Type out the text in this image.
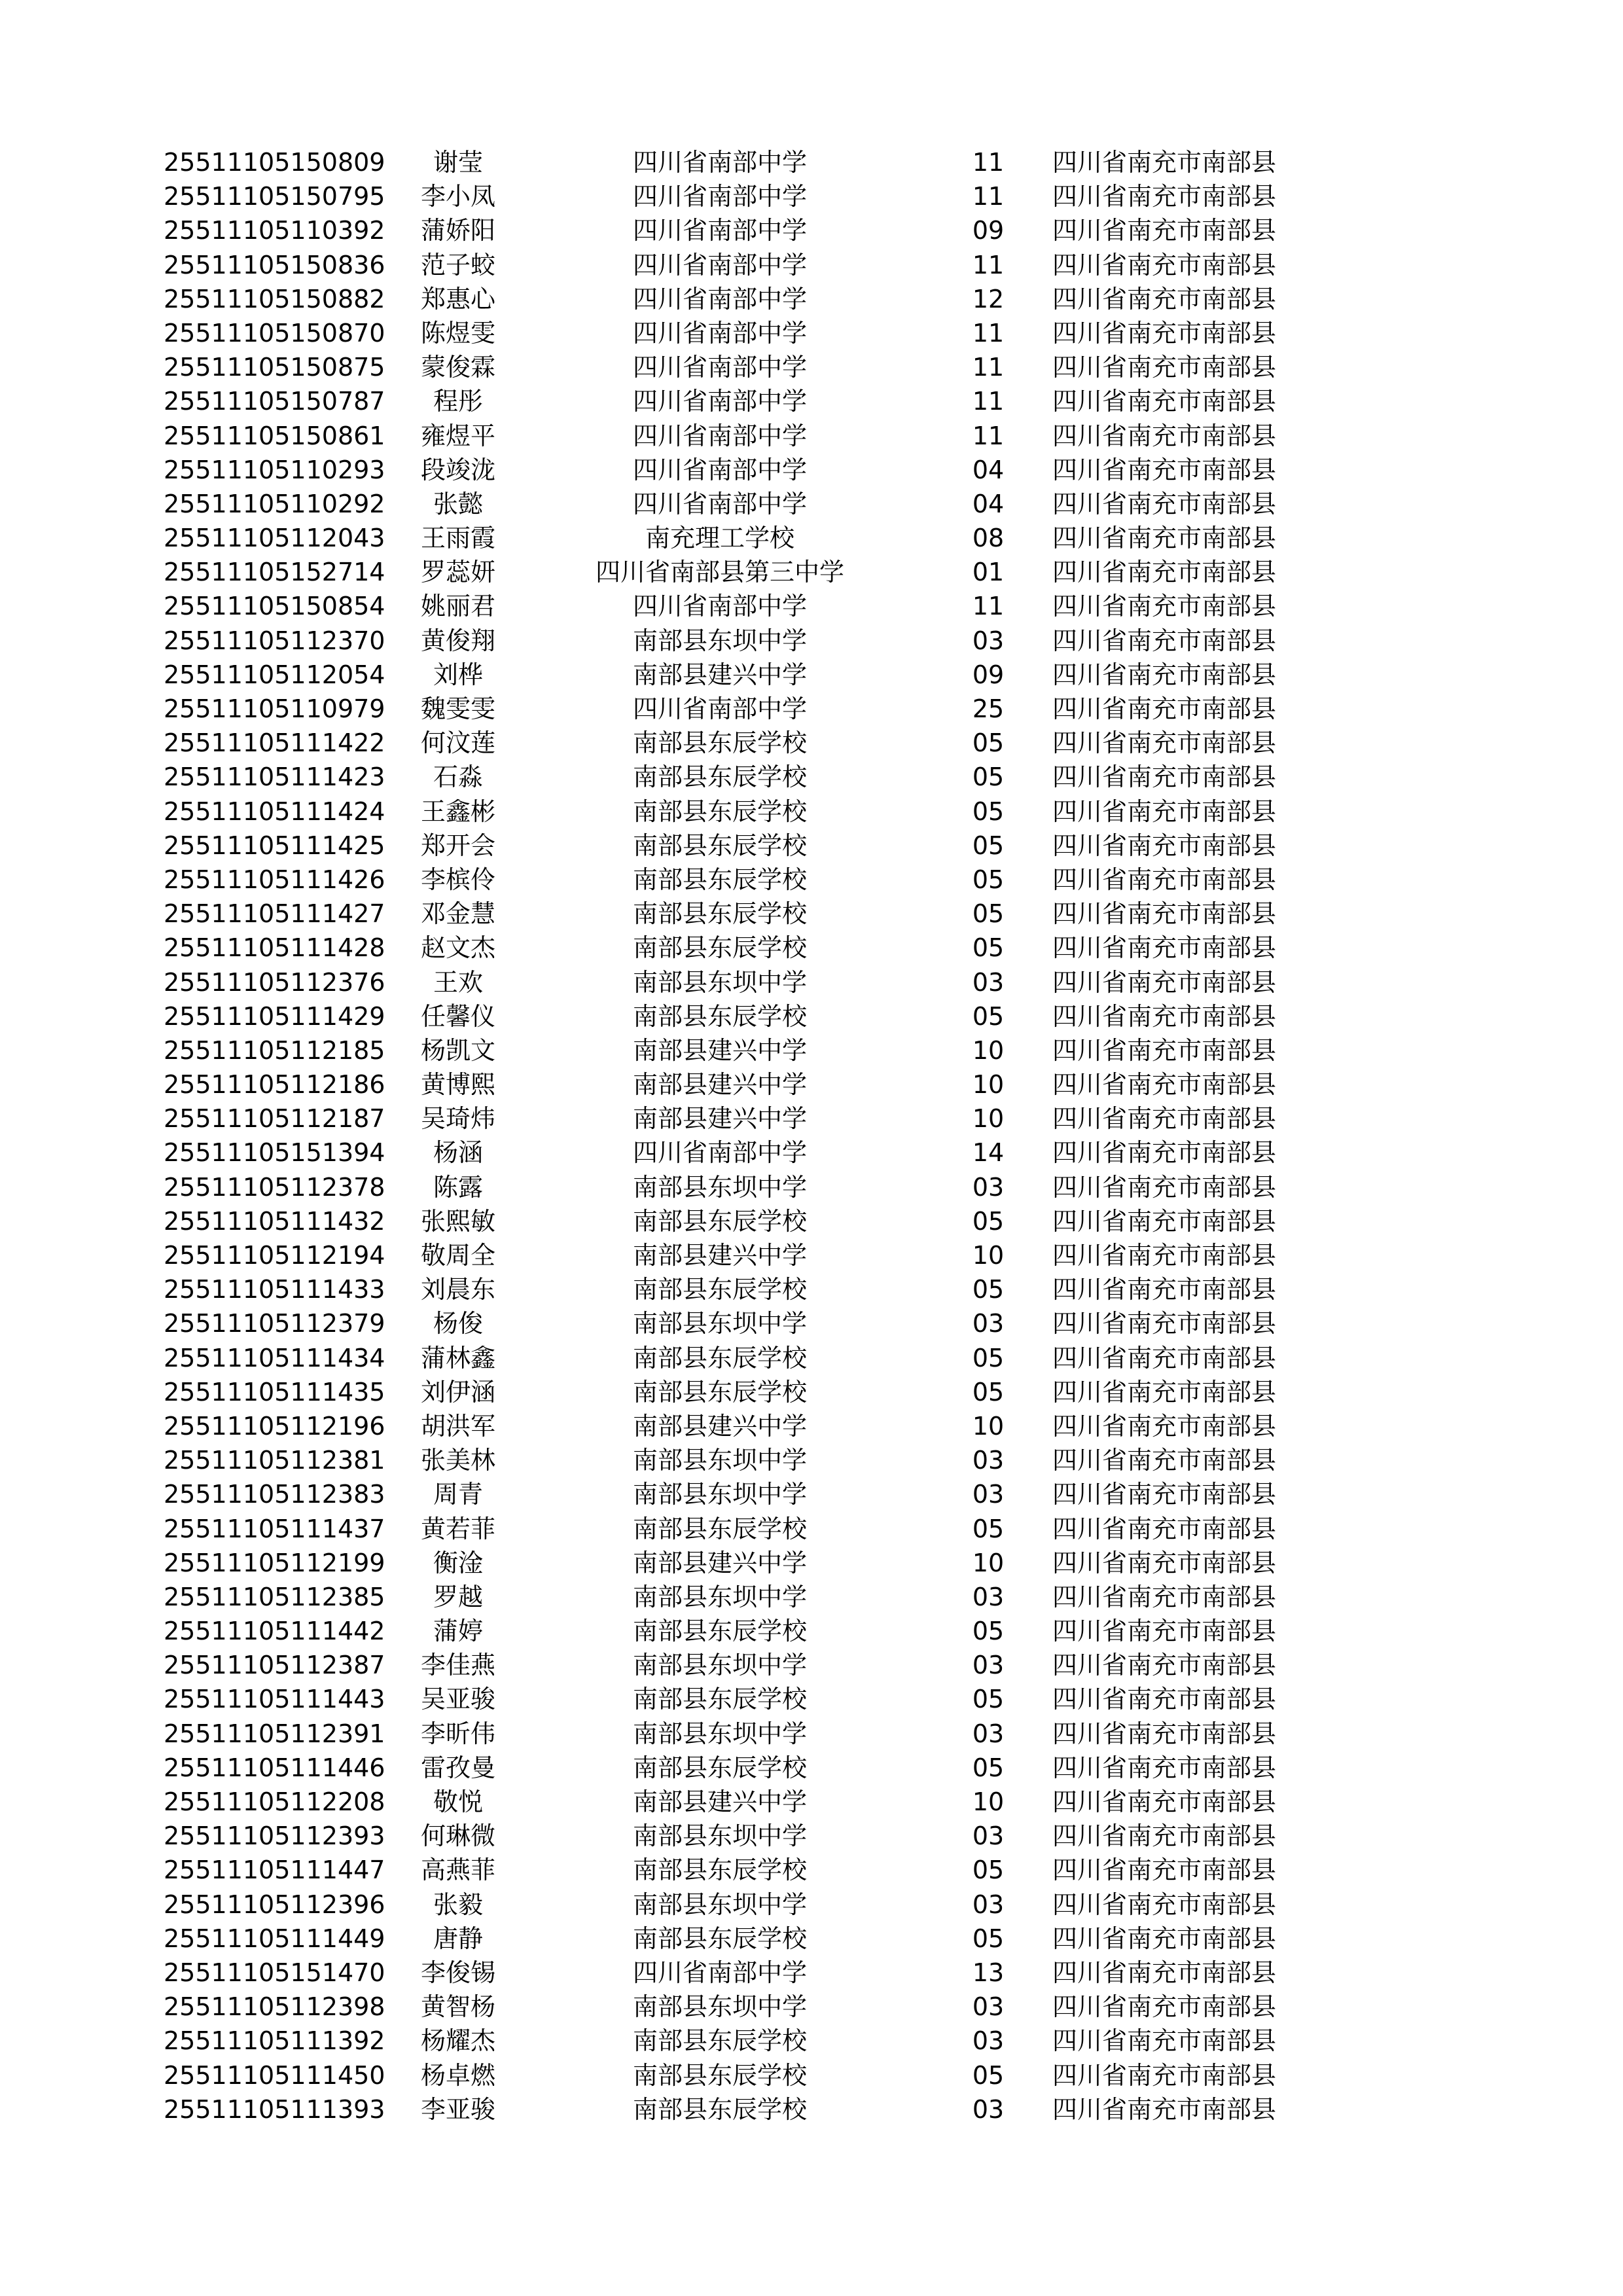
25511105150809	谢莹	四川省南部中学	11	四川省南充市南部县
25511105150795	李小凤	四川省南部中学	11	四川省南充市南部县
25511105110392	蒲娇阳	四川省南部中学	09	四川省南充市南部县
25511105150836	范子蛟	四川省南部中学	11	四川省南充市南部县
25511105150882	郑惠心	四川省南部中学	12	四川省南充市南部县
25511105150870	陈煜雯	四川省南部中学	11	四川省南充市南部县
25511105150875	蒙俊霖	四川省南部中学	11	四川省南充市南部县
25511105150787	程彤	四川省南部中学	11	四川省南充市南部县
25511105150861	雍煜平	四川省南部中学	11	四川省南充市南部县
25511105110293	段竣泷	四川省南部中学	04	四川省南充市南部县
25511105110292	张懿	四川省南部中学	04	四川省南充市南部县
25511105112043	王雨霞	南充理工学校	08	四川省南充市南部县
25511105152714	罗蕊妍	四川省南部县第三中学	01	四川省南充市南部县
25511105150854	姚丽君	四川省南部中学	11	四川省南充市南部县
25511105112370	黄俊翔	南部县东坝中学	03	四川省南充市南部县
25511105112054	刘桦	南部县建兴中学	09	四川省南充市南部县
25511105110979	魏雯雯	四川省南部中学	25	四川省南充市南部县
25511105111422	何汶莲	南部县东辰学校	05	四川省南充市南部县
25511105111423	石淼	南部县东辰学校	05	四川省南充市南部县
25511105111424	王鑫彬	南部县东辰学校	05	四川省南充市南部县
25511105111425	郑开会	南部县东辰学校	05	四川省南充市南部县
25511105111426	李槟伶	南部县东辰学校	05	四川省南充市南部县
25511105111427	邓金慧	南部县东辰学校	05	四川省南充市南部县
25511105111428	赵文杰	南部县东辰学校	05	四川省南充市南部县
25511105112376	王欢	南部县东坝中学	03	四川省南充市南部县
25511105111429	任馨仪	南部县东辰学校	05	四川省南充市南部县
25511105112185	杨凯文	南部县建兴中学	10	四川省南充市南部县
25511105112186	黄博熙	南部县建兴中学	10	四川省南充市南部县
25511105112187	吴琦炜	南部县建兴中学	10	四川省南充市南部县
25511105151394	杨涵	四川省南部中学	14	四川省南充市南部县
25511105112378	陈露	南部县东坝中学	03	四川省南充市南部县
25511105111432	张熙敏	南部县东辰学校	05	四川省南充市南部县
25511105112194	敬周全	南部县建兴中学	10	四川省南充市南部县
25511105111433	刘晨东	南部县东辰学校	05	四川省南充市南部县
25511105112379	杨俊	南部县东坝中学	03	四川省南充市南部县
25511105111434	蒲林鑫	南部县东辰学校	05	四川省南充市南部县
25511105111435	刘伊涵	南部县东辰学校	05	四川省南充市南部县
25511105112196	胡洪军	南部县建兴中学	10	四川省南充市南部县
25511105112381	张美林	南部县东坝中学	03	四川省南充市南部县
25511105112383	周青	南部县东坝中学	03	四川省南充市南部县
25511105111437	黄若菲	南部县东辰学校	05	四川省南充市南部县
25511105112199	衡淦	南部县建兴中学	10	四川省南充市南部县
25511105112385	罗越	南部县东坝中学	03	四川省南充市南部县
25511105111442	蒲婷	南部县东辰学校	05	四川省南充市南部县
25511105112387	李佳燕	南部县东坝中学	03	四川省南充市南部县
25511105111443	吴亚骏	南部县东辰学校	05	四川省南充市南部县
25511105112391	李昕伟	南部县东坝中学	03	四川省南充市南部县
25511105111446	雷孜曼	南部县东辰学校	05	四川省南充市南部县
25511105112208	敬悦	南部县建兴中学	10	四川省南充市南部县
25511105112393	何琳微	南部县东坝中学	03	四川省南充市南部县
25511105111447	高燕菲	南部县东辰学校	05	四川省南充市南部县
25511105112396	张毅	南部县东坝中学	03	四川省南充市南部县
25511105111449	唐静	南部县东辰学校	05	四川省南充市南部县
25511105151470	李俊锡	四川省南部中学	13	四川省南充市南部县
25511105112398	黄智杨	南部县东坝中学	03	四川省南充市南部县
25511105111392	杨耀杰	南部县东辰学校	03	四川省南充市南部县
25511105111450	杨卓燃	南部县东辰学校	05	四川省南充市南部县
25511105111393	李亚骏	南部县东辰学校	03	四川省南充市南部县
